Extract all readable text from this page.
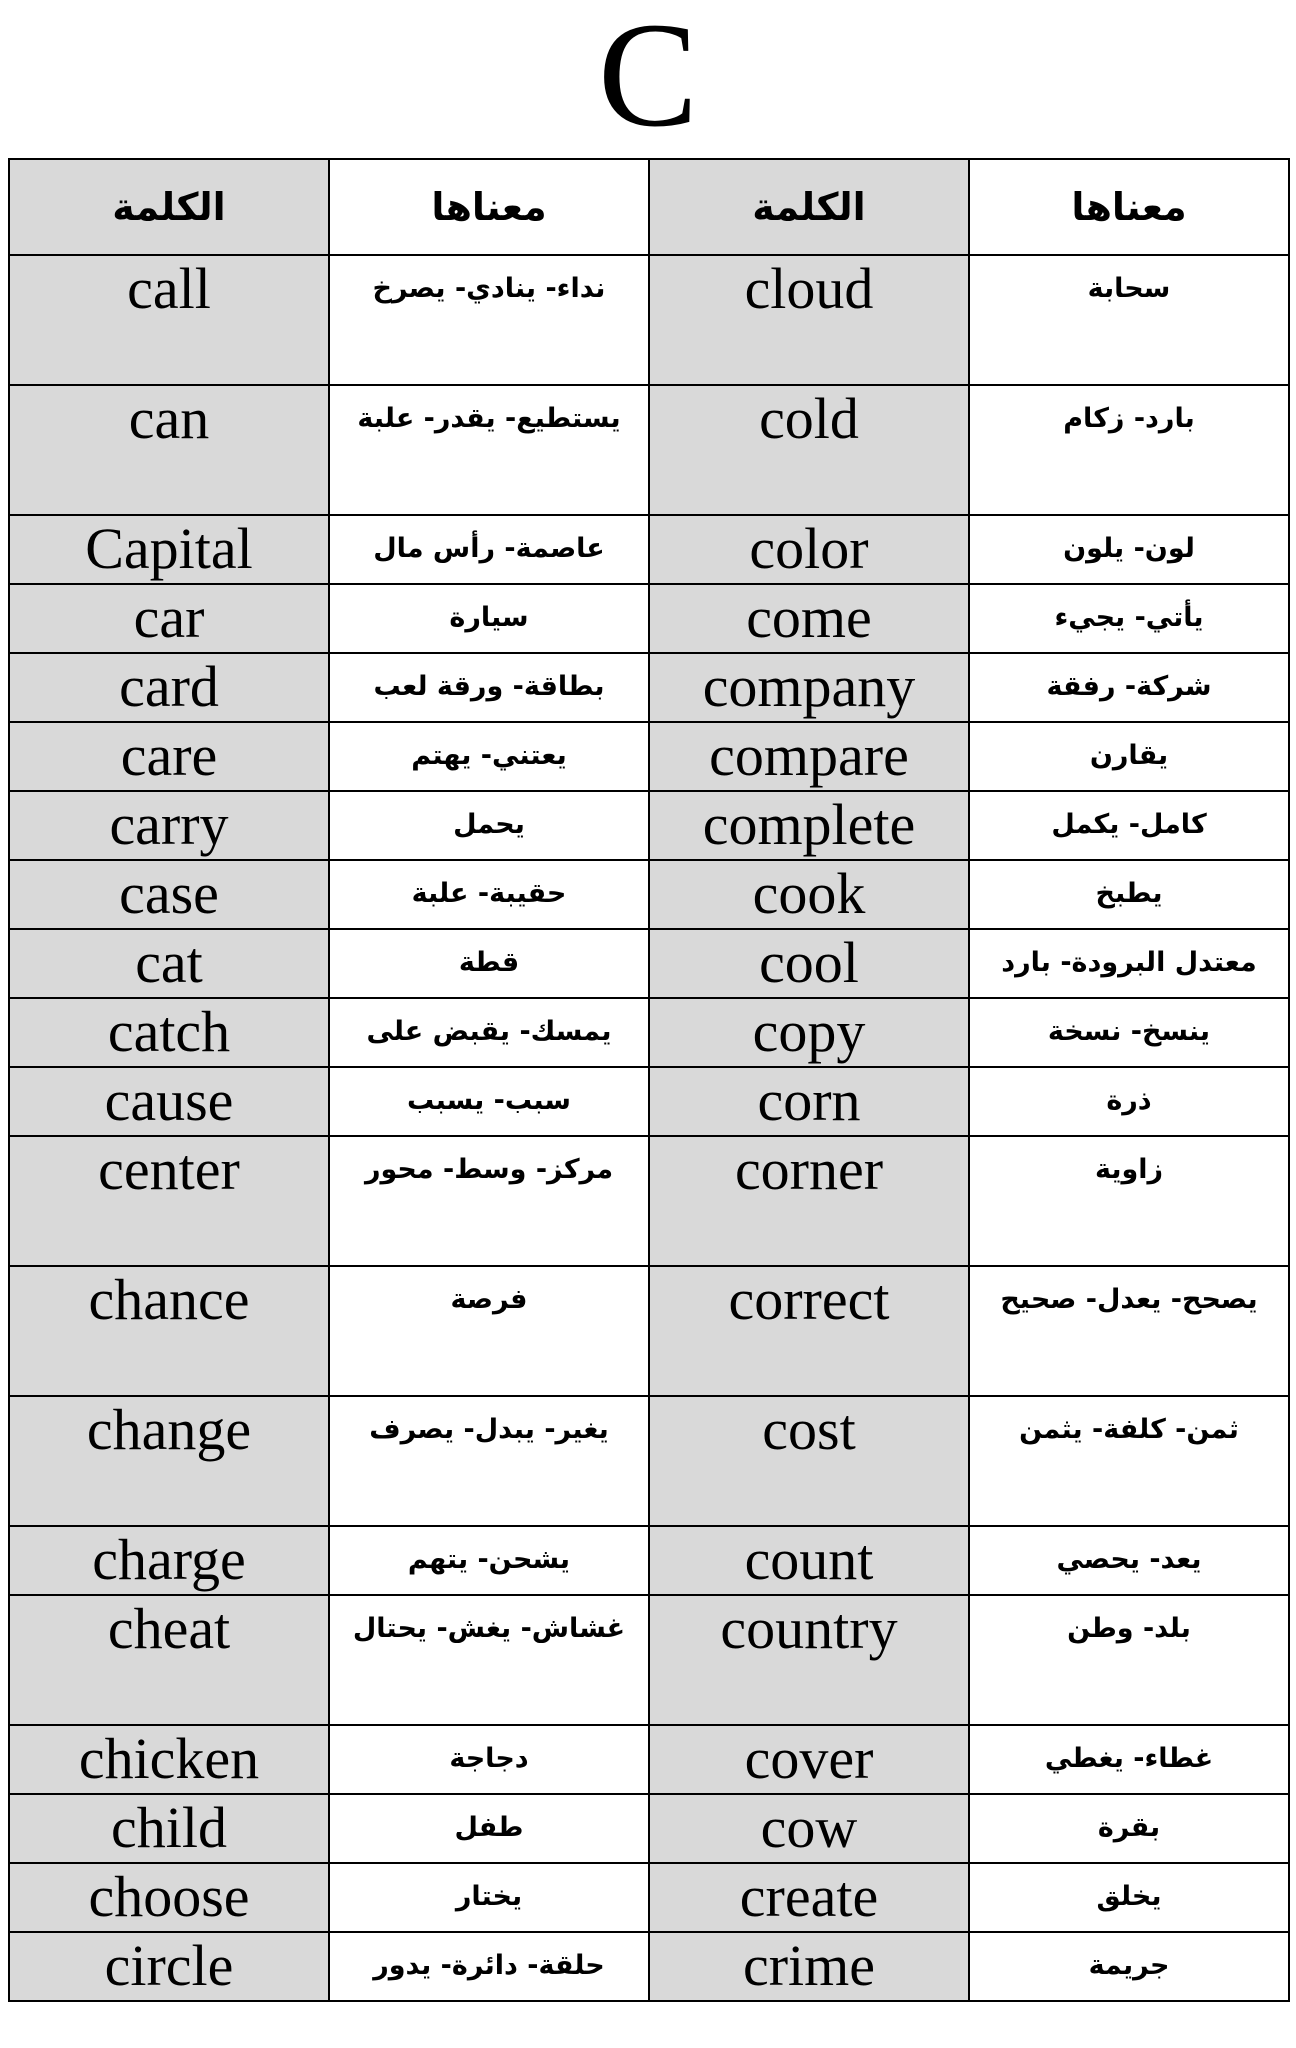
C
الكلمة	معناها	الكلمة	معناها
call	نداء- ينادي- يصرخ	cloud	سحابة
can	يستطيع- يقدر- علبة	cold	بارد- زكام
Capital	عاصمة- رأس مال	color	لون- يلون
car	سيارة	come	يأتي- يجيء
card	بطاقة- ورقة لعب	company	شركة- رفقة
care	يعتني- يهتم	compare	يقارن
carry	يحمل	complete	كامل- يكمل
case	حقيبة- علبة	cook	يطبخ
cat	قطة	cool	معتدل البرودة- بارد
catch	يمسك- يقبض على	copy	ينسخ- نسخة
cause	سبب- يسبب	corn	ذرة
center	مركز- وسط- محور	corner	زاوية
chance	فرصة	correct	يصحح- يعدل- صحيح
change	يغير- يبدل- يصرف	cost	ثمن- كلفة- يثمن
charge	يشحن- يتهم	count	يعد- يحصي
cheat	غشاش- يغش- يحتال	country	بلد- وطن
chicken	دجاجة	cover	غطاء- يغطي
child	طفل	cow	بقرة
choose	يختار	create	يخلق
circle	حلقة- دائرة- يدور	crime	جريمة
